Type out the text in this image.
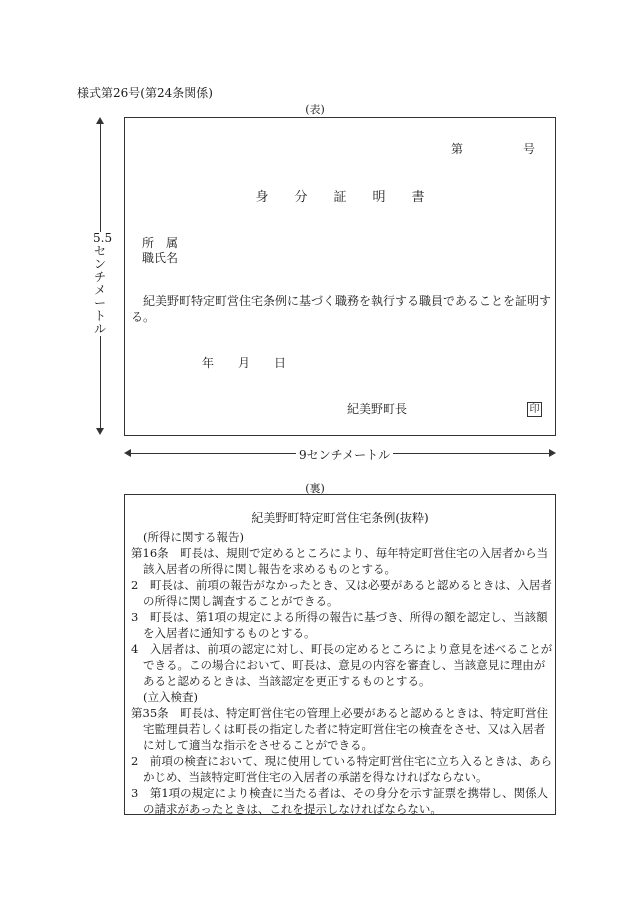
様式第26号(第24条関係)
(表)
5.5センチメートル
第　　　　　号
身　　分　　証　　明　　書
所　属
職氏名
紀美野町特定町営住宅条例に基づく職務を執行する職員であることを証明する。
年　　月　　日
紀美野町長	印
9センチメートル
(裏)
紀美野町特定町営住宅条例(抜粋)

(所得に関する報告)

第16条　町長は、規則で定めるところにより、毎年特定町営住宅の入居者から当該入居者の所得に関し報告を求めるものとする。

2　町長は、前項の報告がなかったとき、又は必要があると認めるときは、入居者の所得に関し調査することができる。

3　町長は、第1項の規定による所得の報告に基づき、所得の額を認定し、当該額を入居者に通知するものとする。

4　入居者は、前項の認定に対し、町長の定めるところにより意見を述べることができる。この場合において、町長は、意見の内容を審査し、当該意見に理由があると認めるときは、当該認定を更正するものとする。

(立入検査)

第35条　町長は、特定町営住宅の管理上必要があると認めるときは、特定町営住宅監理員若しくは町長の指定した者に特定町営住宅の検査をさせ、又は入居者に対して適当な指示をさせることができる。

2　前項の検査において、現に使用している特定町営住宅に立ち入るときは、あらかじめ、当該特定町営住宅の入居者の承諾を得なければならない。

3　第1項の規定により検査に当たる者は、その身分を示す証票を携帯し、関係人の請求があったときは、これを提示しなければならない。
